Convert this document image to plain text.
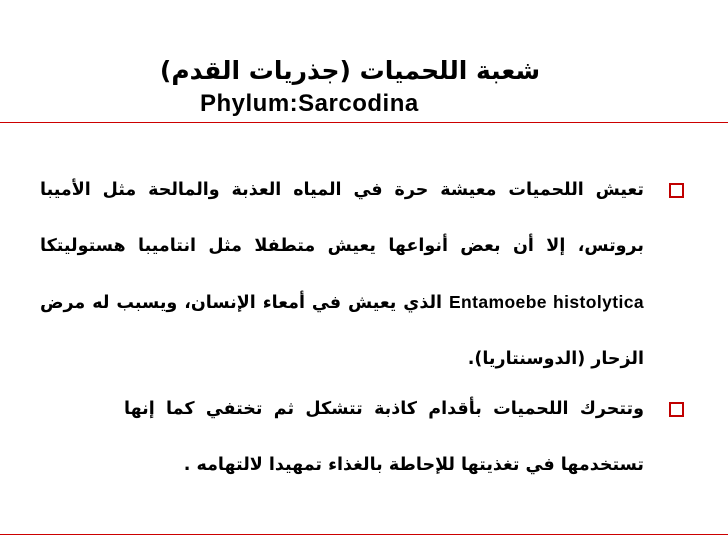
شعبة اللحميات (جذريات القدم)
Phylum:Sarcodina

تعيش اللحميات معيشة حرة في المياه العذبة والمالحة مثل الأميبا بروتس، إلا أن بعض أنواعها يعيش متطفلا مثل انتاميبا هستوليتكا Entamoebe histolytica الذي يعيش في أمعاء الإنسان، ويسبب له مرض الزحار (الدوسنتاريا).

وتتحرك اللحميات بأقدام كاذبة تتشكل ثم تختفي كما إنها تستخدمها في تغذيتها للإحاطة بالغذاء تمهيدا لالتهامه .
